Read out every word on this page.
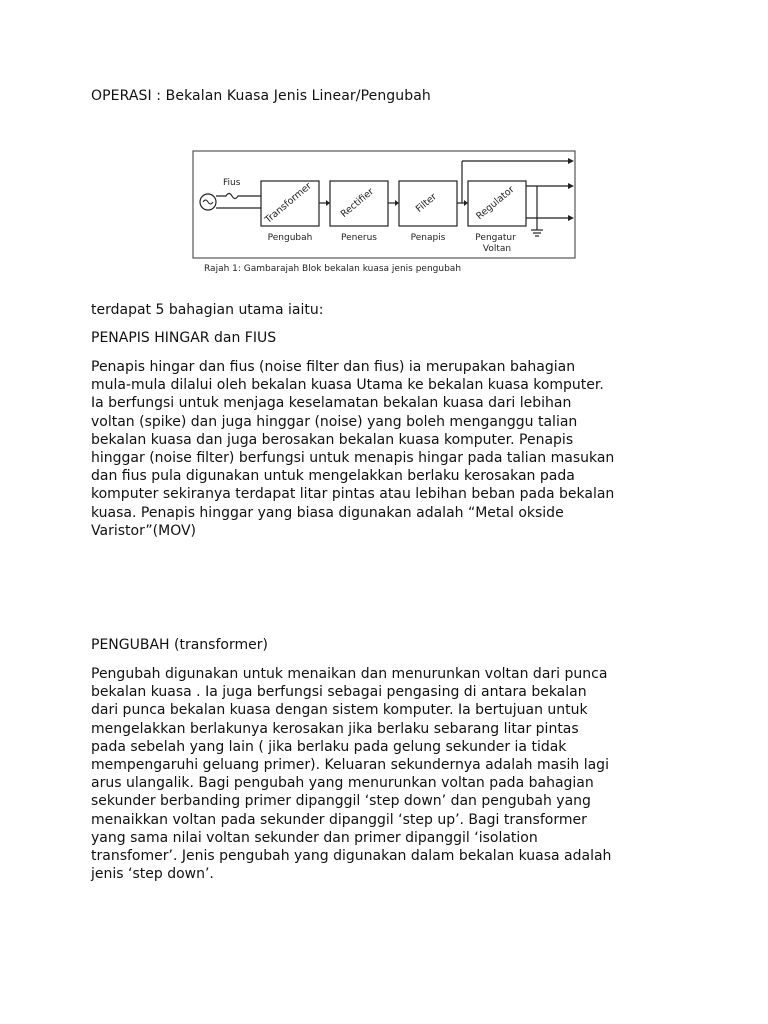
OPERASI : Bekalan Kuasa Jenis Linear/Pengubah
Fius Transformer	Rectifier	Filter	Regulator
Pengubah	Penerus	Penapis	Pengatur Voltan
Rajah 1: Gambarajah Blok bekalan kuasa jenis pengubah
terdapat 5 bahagian utama iaitu:
PENAPIS HINGAR dan FIUS
Penapis hingar dan fius (noise filter dan fius) ia merupakan bahagian
mula-mula dilalui oleh bekalan kuasa Utama ke bekalan kuasa komputer.
Ia berfungsi untuk menjaga keselamatan bekalan kuasa dari lebihan
voltan (spike) dan juga hinggar (noise) yang boleh menganggu talian
bekalan kuasa dan juga berosakan bekalan kuasa komputer. Penapis
hinggar (noise filter) berfungsi untuk menapis hingar pada talian masukan
dan fius pula digunakan untuk mengelakkan berlaku kerosakan pada
komputer sekiranya terdapat litar pintas atau lebihan beban pada bekalan
kuasa. Penapis hinggar yang biasa digunakan adalah “Metal okside
Varistor”(MOV)
PENGUBAH (transformer)
Pengubah digunakan untuk menaikan dan menurunkan voltan dari punca
bekalan kuasa . Ia juga berfungsi sebagai pengasing di antara bekalan
dari punca bekalan kuasa dengan sistem komputer. Ia bertujuan untuk
mengelakkan berlakunya kerosakan jika berlaku sebarang litar pintas
pada sebelah yang lain ( jika berlaku pada gelung sekunder ia tidak
mempengaruhi geluang primer). Keluaran sekundernya adalah masih lagi
arus ulangalik. Bagi pengubah yang menurunkan voltan pada bahagian
sekunder berbanding primer dipanggil ‘step down’ dan pengubah yang
menaikkan voltan pada sekunder dipanggil ‘step up’. Bagi transformer
yang sama nilai voltan sekunder dan primer dipanggil ‘isolation
transfomer’. Jenis pengubah yang digunakan dalam bekalan kuasa adalah
jenis ‘step down’.
